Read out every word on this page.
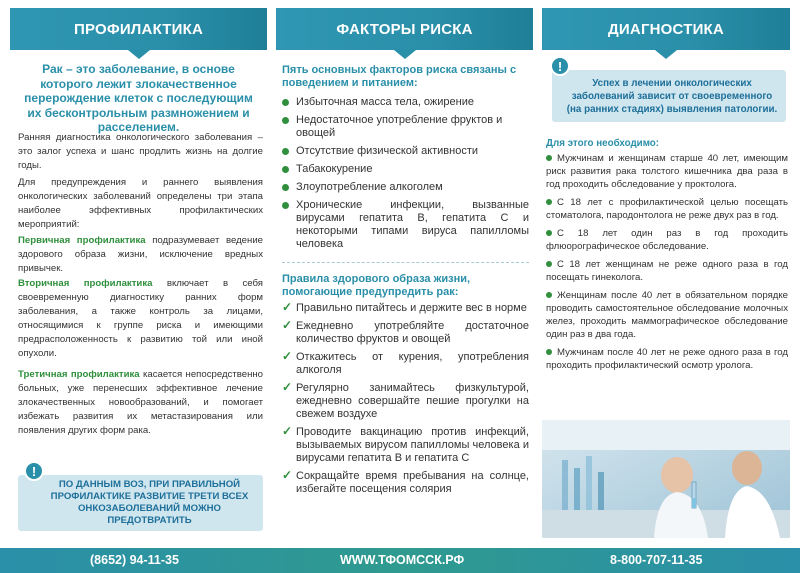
ПРОФИЛАКТИКА
Рак – это заболевание, в основе которого лежит злокачественное перерождение клеток с последующим их бесконтрольным размножением и расселением.

Ранняя диагностика онкологического заболевания – это залог успеха и шанс продлить жизнь на долгие годы.

Для предупреждения и раннего выявления онкологических заболеваний определены три этапа наиболее эффективных профилактических мероприятий:

Первичная профилактика подразумевает ведение здорового образа жизни, исключение вредных привычек.

Вторичная профилактика включает в себя своевременную диагностику ранних форм заболевания, а также контроль за лицами, относящимися к группе риска и имеющими предрасположенность к развитию той или иной опухоли.

Третичная профилактика касается непосредственно больных, уже перенесших эффективное лечение злокачественных новообразований, и помогает избежать развития их метастазирования или появления других форм рака.

ПО ДАННЫМ ВОЗ, ПРИ ПРАВИЛЬНОЙ ПРОФИЛАКТИКЕ РАЗВИТИЕ ТРЕТИ ВСЕХ ОНКОЗАБОЛЕВАНИЙ МОЖНО ПРЕДОТВРАТИТЬ
!
ФАКТОРЫ РИСКА
Пять основных факторов риска связаны с поведением и питанием:
Избыточная масса тела, ожирение
Недостаточное употребление фруктов и овощей
Отсутствие физической активности
Табакокурение
Злоупотребление алкоголем
Хронические инфекции, вызванные вирусами гепатита В, гепатита С и некоторыми типами вируса папилломы человека
Правила здорового образа жизни, помогающие предупредить рак:
✓ Правильно питайтесь и держите вес в норме
✓ Ежедневно употребляйте достаточное количество фруктов и овощей
✓ Откажитесь от курения, употребления алкоголя
✓ Регулярно занимайтесь физкультурой, ежедневно совершайте пешие прогулки на свежем воздухе
✓ Проводите вакцинацию против инфекций, вызываемых вирусом папилломы человека и вирусами гепатита В и гепатита С
✓ Сокращайте время пребывания на солнце, избегайте посещения солярия
ДИАГНОСТИКА
Успех в лечении онкологических заболеваний зависит от своевременного (на ранних стадиях) выявления патологии.
!
Для этого необходимо:
Мужчинам и женщинам старше 40 лет, имеющим риск развития рака толстого кишечника два раза в год проходить обследование у проктолога.
С 18 лет с профилактической целью посещать стоматолога, пародонтолога не реже двух раз в год.
С 18 лет один раз в год проходить флюорографическое обследование.
С 18 лет женщинам не реже одного раза в год посещать гинеколога.
Женщинам после 40 лет в обязательном порядке проводить самостоятельное обследование молочных желез, проходить маммографическое обследование один раз в два года.
Мужчинам после 40 лет не реже одного раза в год проходить профилактический осмотр уролога.
(8652) 94-11-35	WWW.ТФОМСCК.РФ	8-800-707-11-35
